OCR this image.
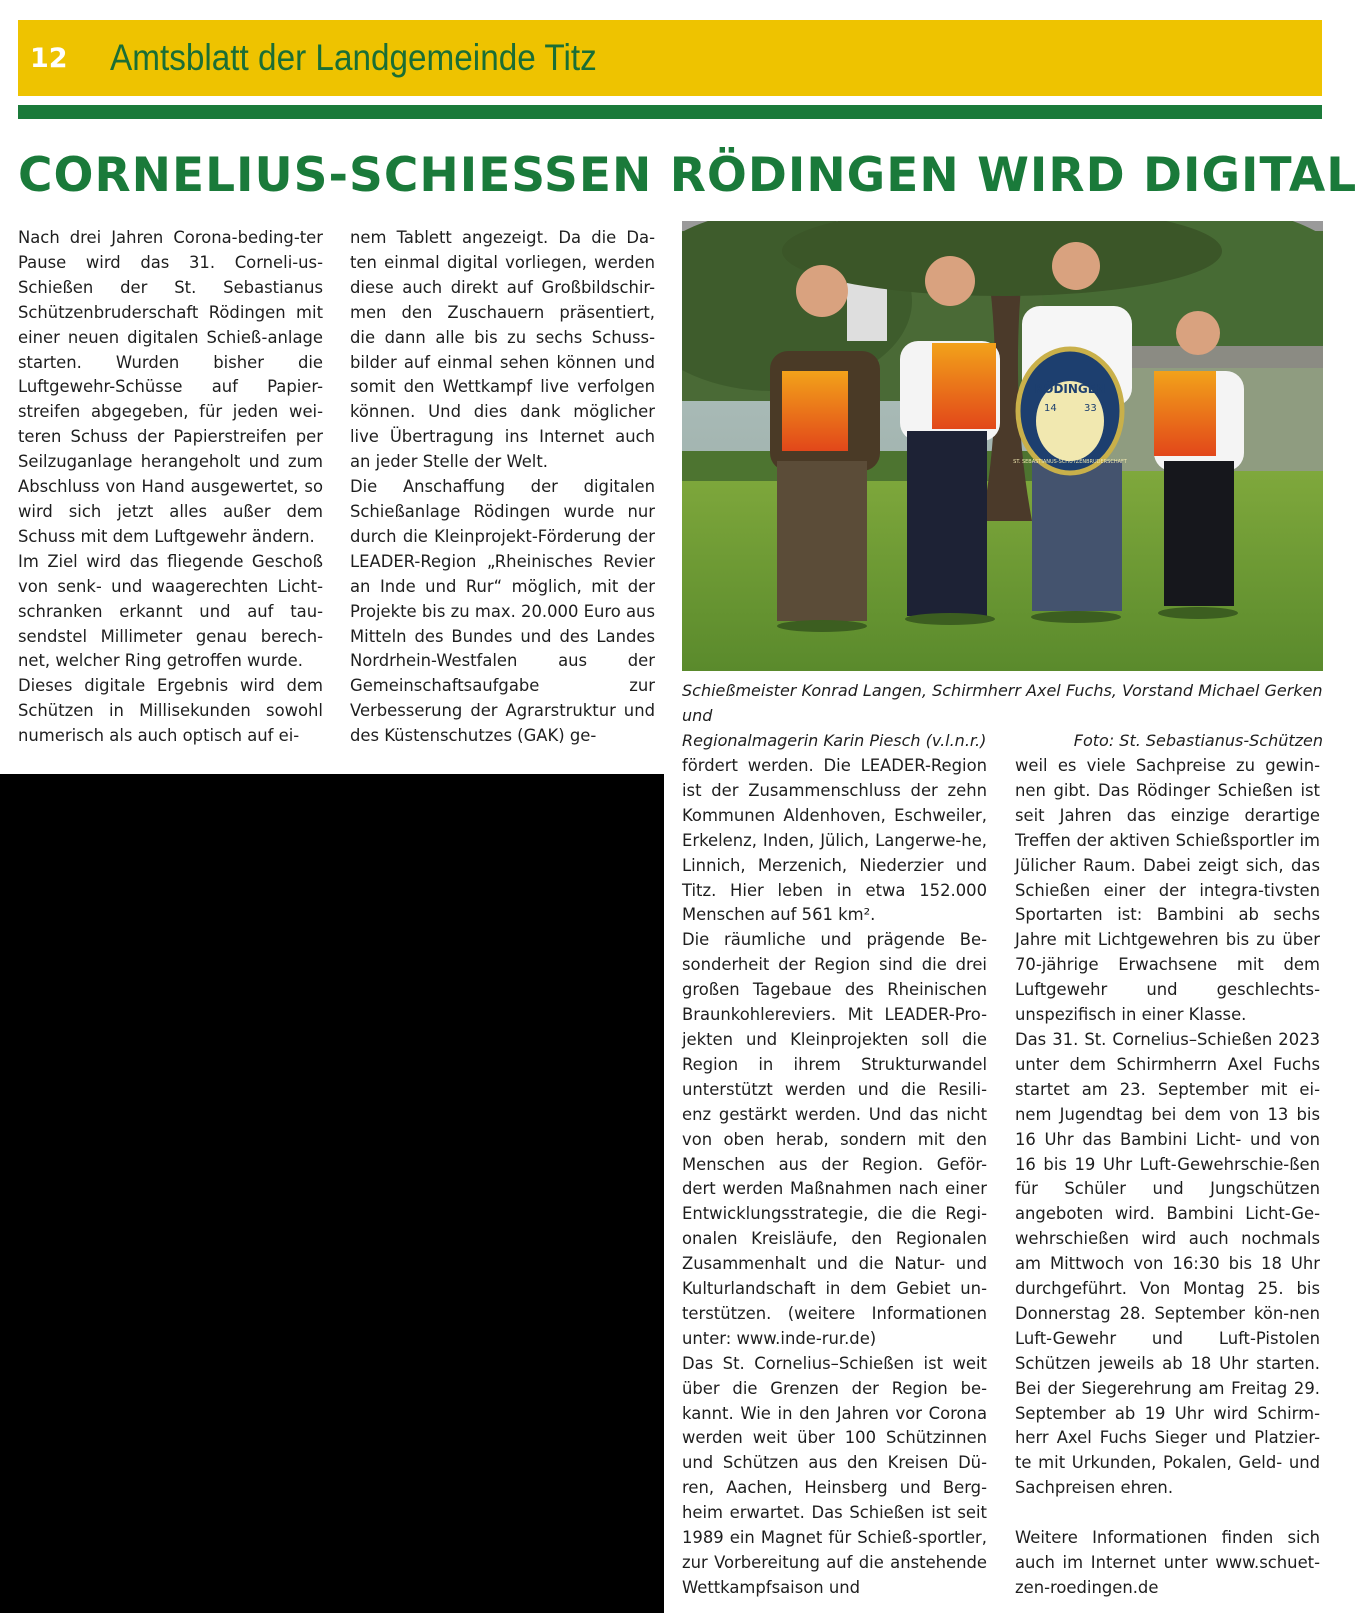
12	Amtsblatt der Landgemeinde Titz
CORNELIUS-SCHIESSEN RÖDINGEN WIRD DIGITAL

Nach drei Jahren Corona-beding-ter Pause wird das 31. Corneli-us-Schießen der St. Sebastianus Schützenbruderschaft Rödingen mit einer neuen digitalen Schieß-anlage starten. Wurden bisher die Luftgewehr-Schüsse auf Papier-streifen abgegeben, für jeden wei-teren Schuss der Papierstreifen per Seilzuganlage herangeholt und zum Abschluss von Hand ausgewertet, so wird sich jetzt alles außer dem Schuss mit dem Luftgewehr ändern.

Im Ziel wird das fliegende Geschoß von senk- und waagerechten Licht-schranken erkannt und auf tau-sendstel Millimeter genau berech-net, welcher Ring getroffen wurde.

Dieses digitale Ergebnis wird dem Schützen in Millisekunden sowohl numerisch als auch optisch auf ei-

nem Tablett angezeigt. Da die Da-ten einmal digital vorliegen, werden diese auch direkt auf Großbildschir-men den Zuschauern präsentiert, die dann alle bis zu sechs Schuss-bilder auf einmal sehen können und somit den Wettkampf live verfolgen können. Und dies dank möglicher live Übertragung ins Internet auch an jeder Stelle der Welt.

Die Anschaffung der digitalen Schießanlage Rödingen wurde nur durch die Kleinprojekt-Förderung der LEADER-Region „Rheinisches Revier an Inde und Rur“ möglich, mit der Projekte bis zu max. 20.000 Euro aus Mitteln des Bundes und des Landes Nordrhein-Westfalen aus der Gemeinschaftsaufgabe zur Verbesserung der Agrarstruktur und des Küstenschutzes (GAK) ge-

RÖDINGEN
14	33
ST. SEBASTIANUS-SCHÜTZENBRUDERSCHAFT

Schießmeister Konrad Langen, Schirmherr Axel Fuchs, Vorstand Michael Gerken und

Regionalmagerin Karin Piesch (v.l.n.r.)	Foto: St. Sebastianus-Schützen

fördert werden. Die LEADER-Region ist der Zusammenschluss der zehn Kommunen Aldenhoven, Eschweiler, Erkelenz, Inden, Jülich, Langerwe-he, Linnich, Merzenich, Niederzier und Titz. Hier leben in etwa 152.000 Menschen auf 561 km².

Die räumliche und prägende Be-sonderheit der Region sind die drei großen Tagebaue des Rheinischen Braunkohlereviers. Mit LEADER-Pro-jekten und Kleinprojekten soll die Region in ihrem Strukturwandel unterstützt werden und die Resili-enz gestärkt werden. Und das nicht von oben herab, sondern mit den Menschen aus der Region. Geför-dert werden Maßnahmen nach einer Entwicklungsstrategie, die die Regi-onalen Kreisläufe, den Regionalen Zusammenhalt und die Natur- und Kulturlandschaft in dem Gebiet un-terstützen. (weitere Informationen unter: www.inde-rur.de)

Das St. Cornelius–Schießen ist weit über die Grenzen der Region be-kannt. Wie in den Jahren vor Corona werden weit über 100 Schützinnen und Schützen aus den Kreisen Dü-ren, Aachen, Heinsberg und Berg-heim erwartet. Das Schießen ist seit 1989 ein Magnet für Schieß-sportler, zur Vorbereitung auf die anstehende Wettkampfsaison und

weil es viele Sachpreise zu gewin-nen gibt. Das Rödinger Schießen ist seit Jahren das einzige derartige Treffen der aktiven Schießsportler im Jülicher Raum. Dabei zeigt sich, das Schießen einer der integra-tivsten Sportarten ist: Bambini ab sechs Jahre mit Lichtgewehren bis zu über 70-jährige Erwachsene mit dem Luftgewehr und geschlechts-unspezifisch in einer Klasse.

Das 31. St. Cornelius–Schießen 2023 unter dem Schirmherrn Axel Fuchs startet am 23. September mit ei-nem Jugendtag bei dem von 13 bis 16 Uhr das Bambini Licht- und von 16 bis 19 Uhr Luft-Gewehrschie-ßen für Schüler und Jungschützen angeboten wird. Bambini Licht-Ge-wehrschießen wird auch nochmals am Mittwoch von 16:30 bis 18 Uhr durchgeführt. Von Montag 25. bis Donnerstag 28. September kön-nen Luft-Gewehr und Luft-Pistolen Schützen jeweils ab 18 Uhr starten. Bei der Siegerehrung am Freitag 29. September ab 19 Uhr wird Schirm-herr Axel Fuchs Sieger und Platzier-te mit Urkunden, Pokalen, Geld- und Sachpreisen ehren.

Weitere Informationen finden sich auch im Internet unter www.schuet-zen-roedingen.de
